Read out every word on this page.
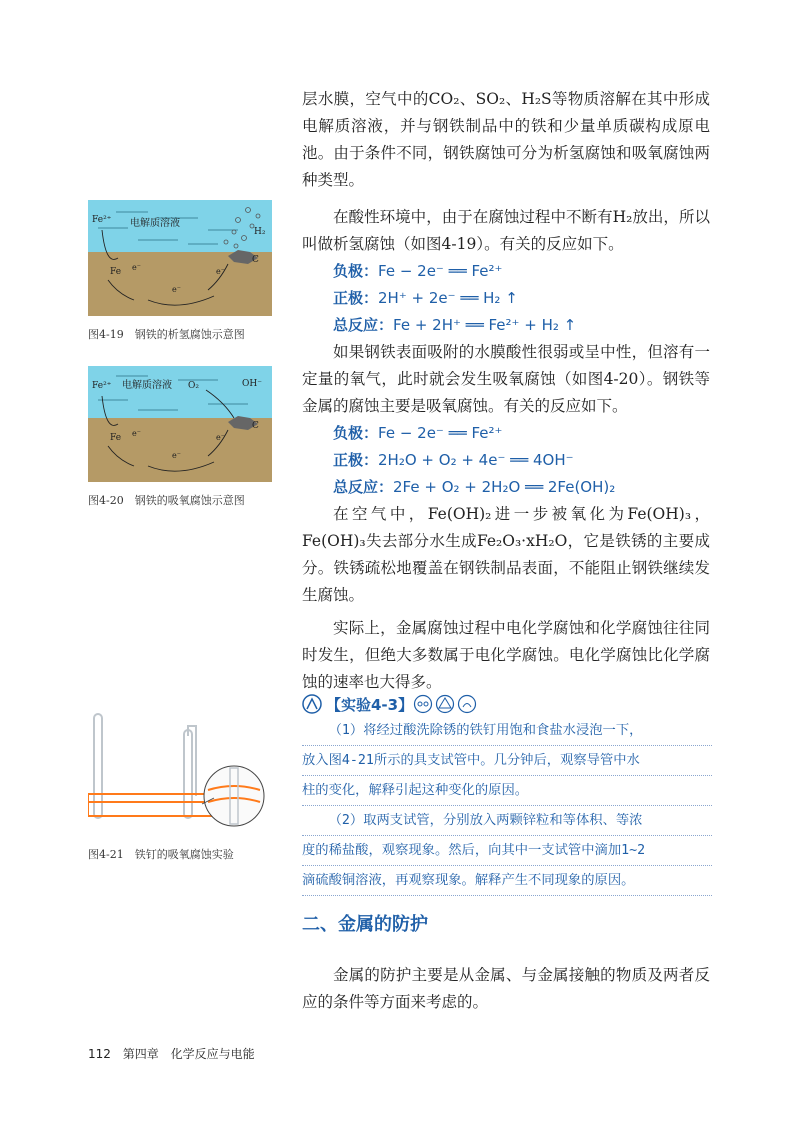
层水膜，空气中的CO₂、SO₂、H₂S等物质溶解在其中形成电解质溶液，并与钢铁制品中的铁和少量单质碳构成原电池。由于条件不同，钢铁腐蚀可分为析氢腐蚀和吸氧腐蚀两种类型。

在酸性环境中，由于在腐蚀过程中不断有H₂放出，所以叫做析氢腐蚀（如图4-19）。有关的反应如下。

负极：Fe − 2e⁻ ══ Fe²⁺

正极：2H⁺ + 2e⁻ ══ H₂ ↑

总反应：Fe + 2H⁺ ══ Fe²⁺ + H₂ ↑

如果钢铁表面吸附的水膜酸性很弱或呈中性，但溶有一定量的氧气，此时就会发生吸氧腐蚀（如图4-20）。钢铁等金属的腐蚀主要是吸氧腐蚀。有关的反应如下。

负极：Fe − 2e⁻ ══ Fe²⁺

正极：2H₂O + O₂ + 4e⁻ ══ 4OH⁻

总反应：2Fe + O₂ + 2H₂O ══ 2Fe(OH)₂

在空气中，Fe(OH)₂进一步被氧化为Fe(OH)₃，Fe(OH)₃失去部分水生成Fe₂O₃·xH₂O，它是铁锈的主要成分。铁锈疏松地覆盖在钢铁制品表面，不能阻止钢铁继续发生腐蚀。

实际上，金属腐蚀过程中电化学腐蚀和化学腐蚀往往同时发生，但绝大多数属于电化学腐蚀。电化学腐蚀比化学腐蚀的速率也大得多。

Fe²⁺ 电解质溶液
H₂
C
Fe e⁻
e⁻
e⁻
图4-19　钢铁的析氢腐蚀示意图
Fe²⁺ 电解质溶液 O₂	OH⁻
C
Fe e⁻
e⁻
e⁻
图4-20　钢铁的吸氧腐蚀示意图
图4-21　铁钉的吸氧腐蚀实验
【实验4-3】

（1）将经过酸洗除锈的铁钉用饱和食盐水浸泡一下，

放入图4-21所示的具支试管中。几分钟后，观察导管中水

柱的变化，解释引起这种变化的原因。

（2）取两支试管，分别放入两颗锌粒和等体积、等浓

度的稀盐酸，观察现象。然后，向其中一支试管中滴加1~2

滴硫酸铜溶液，再观察现象。解释产生不同现象的原因。

二、金属的防护

金属的防护主要是从金属、与金属接触的物质及两者反应的条件等方面来考虑的。

112 第四章 化学反应与电能
